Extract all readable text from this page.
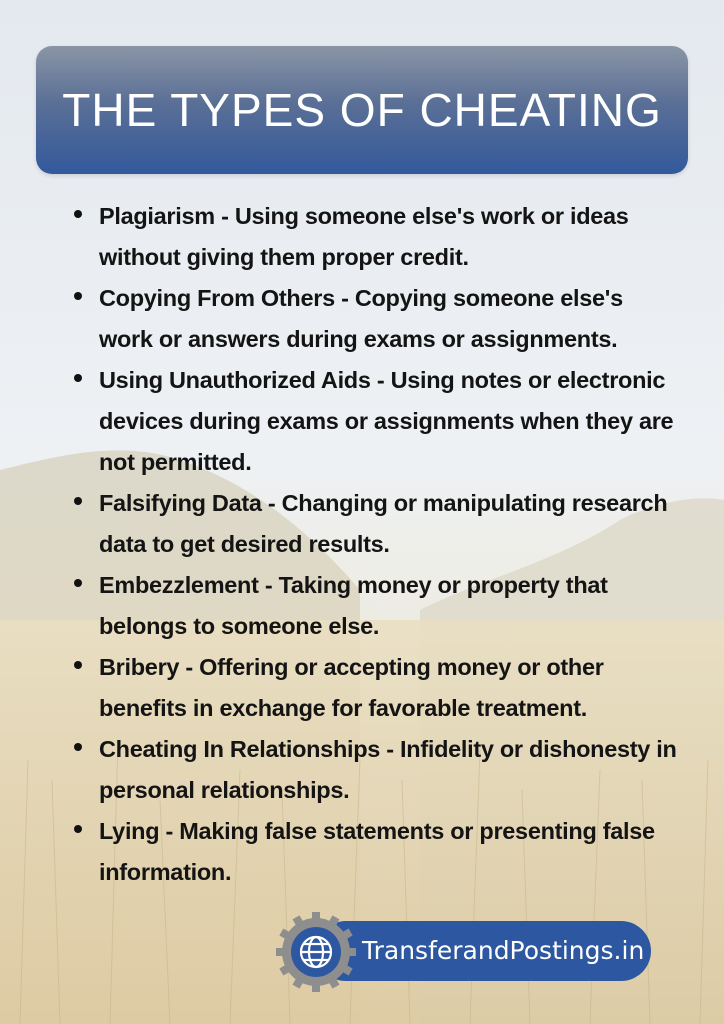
THE TYPES OF CHEATING
Plagiarism - Using someone else's work or ideas without giving them proper credit.
Copying From Others - Copying someone else's work or answers during exams or assignments.
Using Unauthorized Aids - Using notes or electronic devices during exams or assignments when they are not permitted.
Falsifying Data - Changing or manipulating research data to get desired results.
Embezzlement - Taking money or property that belongs to someone else.
Bribery - Offering or accepting money or other benefits in exchange for favorable treatment.
Cheating In Relationships - Infidelity or dishonesty in personal relationships.
Lying - Making false statements or presenting false information.
TransferandPostings.in
